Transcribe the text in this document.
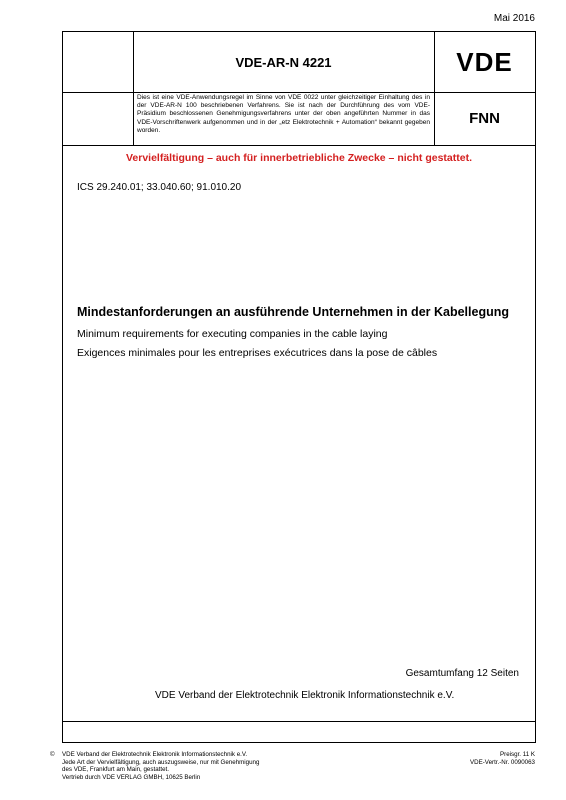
Mai 2016
VDE-AR-N 4221	VDE
Dies ist eine VDE-Anwendungsregel im Sinne von VDE 0022 unter gleichzeitiger Einhaltung des in der VDE-AR-N 100 beschriebenen Verfahrens. Sie ist nach der Durchführung des vom VDE-Präsidium beschlossenen Genehmigungsverfahrens unter der oben angeführten Nummer in das VDE-Vorschriftenwerk aufgenommen und in der „etz Elektrotechnik + Automation“ bekannt gegeben worden.
FNN
Vervielfältigung – auch für innerbetriebliche Zwecke – nicht gestattet.
ICS 29.240.01; 33.040.60; 91.010.20
Mindestanforderungen an ausführende Unternehmen in der Kabellegung
Minimum requirements for executing companies in the cable laying
Exigences minimales pour les entreprises exécutrices dans la pose de câbles
Gesamtumfang 12 Seiten
VDE Verband der Elektrotechnik Elektronik Informationstechnik e.V.
© VDE Verband der Elektrotechnik Elektronik Informationstechnik e.V.
Jede Art der Vervielfältigung, auch auszugsweise, nur mit Genehmigung
des VDE, Frankfurt am Main, gestattet.
Vertrieb durch VDE VERLAG GMBH, 10625 Berlin
Preisgr. 11 K
VDE-Vertr.-Nr. 0090063
